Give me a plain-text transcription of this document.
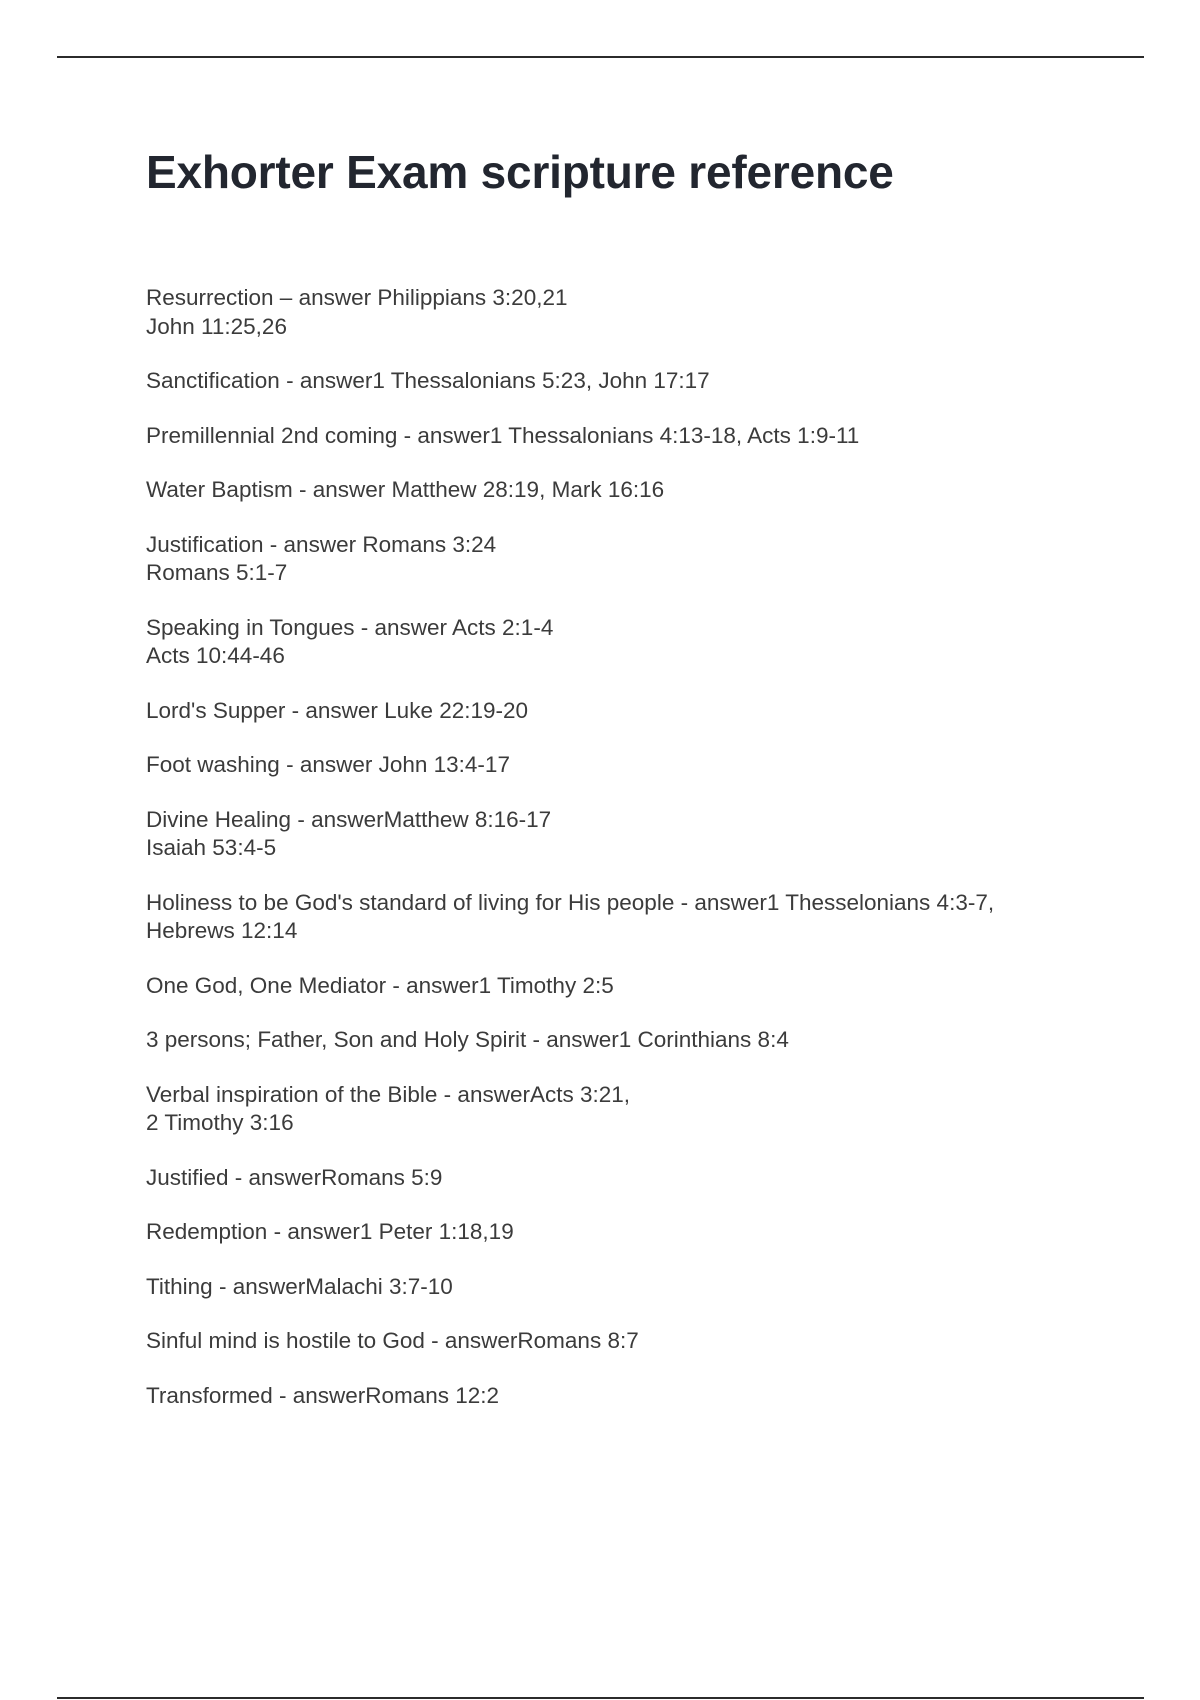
Exhorter Exam scripture reference
Resurrection – answer Philippians 3:20,21
John 11:25,26
Sanctification - answer1 Thessalonians 5:23, John 17:17
Premillennial 2nd coming - answer1 Thessalonians 4:13-18, Acts 1:9-11
Water Baptism - answer Matthew 28:19, Mark 16:16
Justification - answer Romans 3:24
Romans 5:1-7
Speaking in Tongues - answer Acts 2:1-4
Acts 10:44-46
Lord's Supper - answer Luke 22:19-20
Foot washing - answer John 13:4-17
Divine Healing - answerMatthew 8:16-17
Isaiah 53:4-5
Holiness to be God's standard of living for His people - answer1 Thesselonians 4:3-7,
Hebrews 12:14
One God, One Mediator - answer1 Timothy 2:5
3 persons; Father, Son and Holy Spirit - answer1 Corinthians 8:4
Verbal inspiration of the Bible - answerActs 3:21,
2 Timothy 3:16
Justified - answerRomans 5:9
Redemption - answer1 Peter 1:18,19
Tithing - answerMalachi 3:7-10
Sinful mind is hostile to God - answerRomans 8:7
Transformed - answerRomans 12:2
